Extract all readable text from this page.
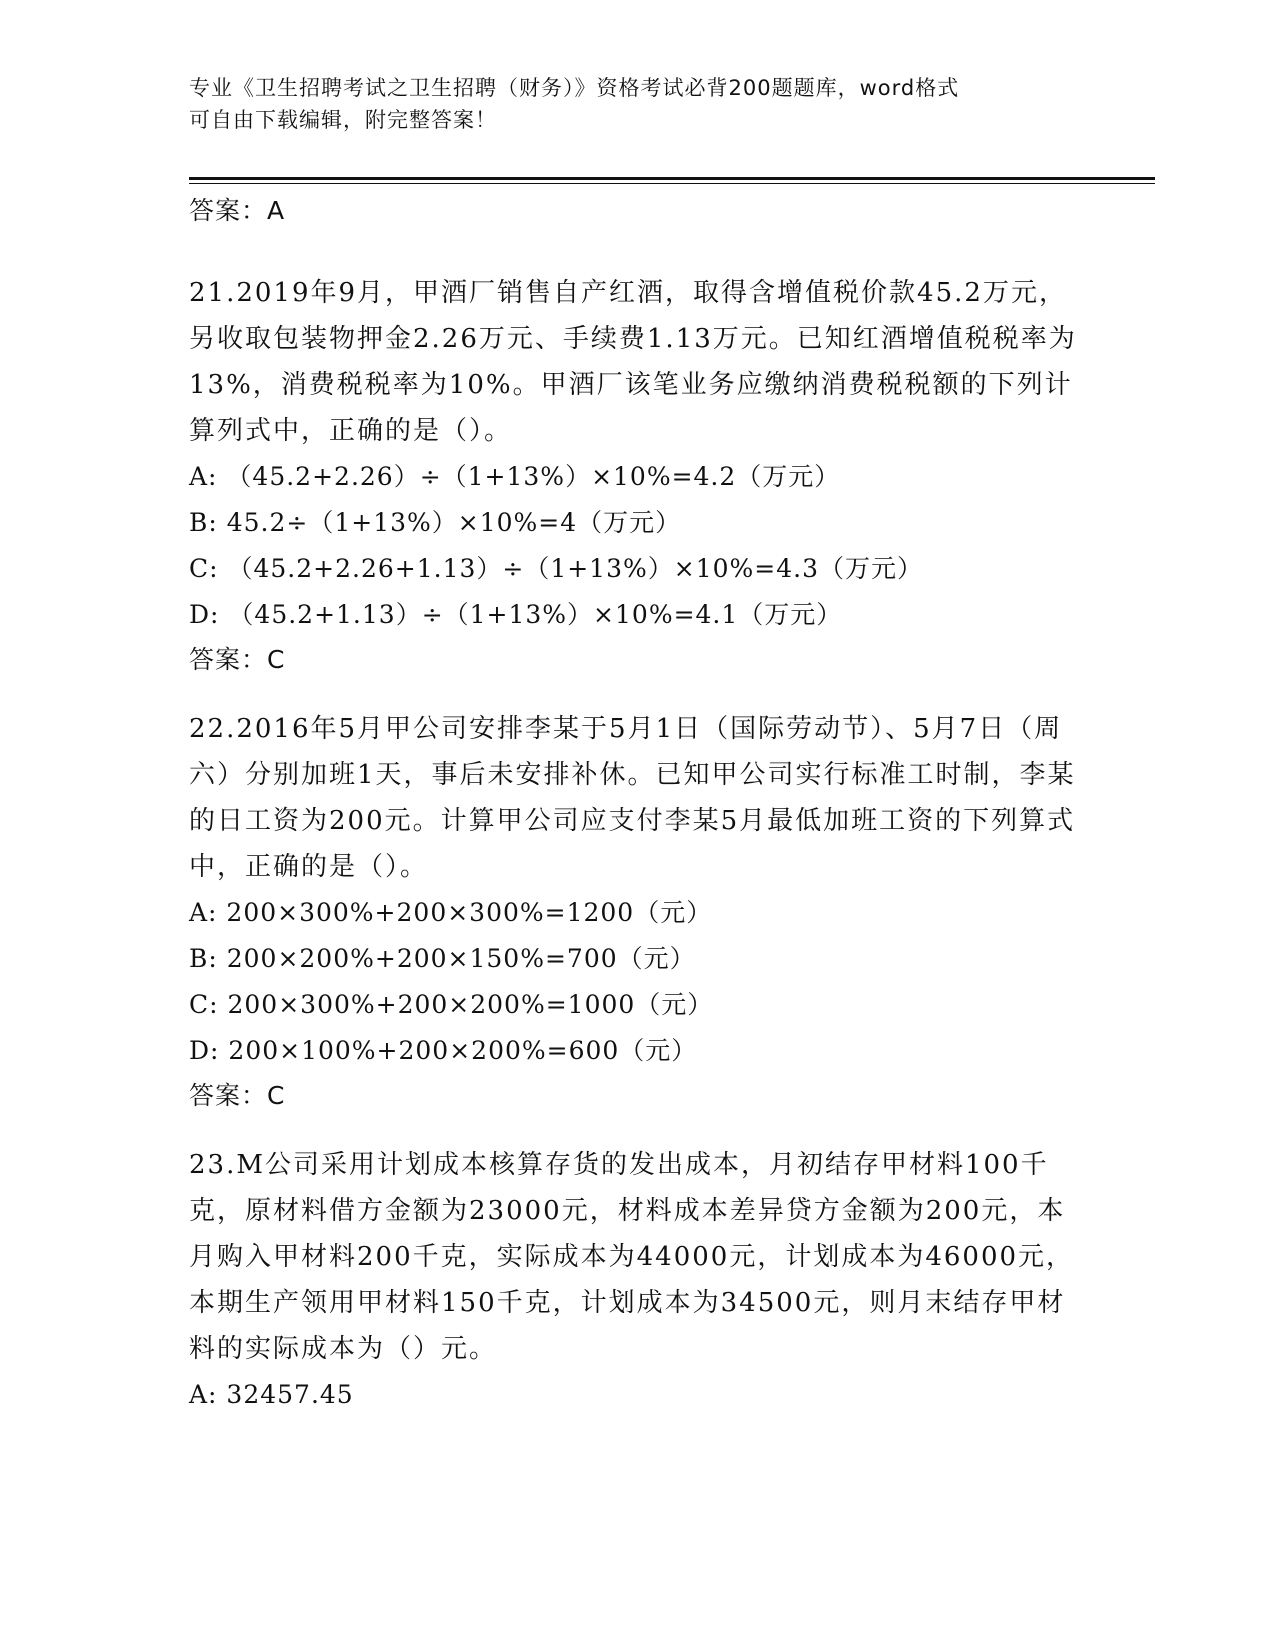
专业《卫生招聘考试之卫生招聘（财务）》资格考试必背200题题库，word格式
可自由下载编辑，附完整答案！

答案：A

21.2019年9月，甲酒厂销售自产红酒，取得含增值税价款45.2万元，另收取包装物押金2.26万元、手续费1.13万元。已知红酒增值税税率为13%，消费税税率为10%。甲酒厂该笔业务应缴纳消费税税额的下列计算列式中，正确的是（）。

A: （45.2+2.26）÷（1+13%）×10%=4.2（万元）

B: 45.2÷（1+13%）×10%=4（万元）

C: （45.2+2.26+1.13）÷（1+13%）×10%=4.3（万元）

D: （45.2+1.13）÷（1+13%）×10%=4.1（万元）

答案：C

22.2016年5月甲公司安排李某于5月1日（国际劳动节）、5月7日（周六）分别加班1天，事后未安排补休。已知甲公司实行标准工时制，李某的日工资为200元。计算甲公司应支付李某5月最低加班工资的下列算式中，正确的是（）。

A: 200×300%+200×300%=1200（元）

B: 200×200%+200×150%=700（元）

C: 200×300%+200×200%=1000（元）

D: 200×100%+200×200%=600（元）

答案：C

23.M公司采用计划成本核算存货的发出成本，月初结存甲材料100千克，原材料借方金额为23000元，材料成本差异贷方金额为200元，本月购入甲材料200千克，实际成本为44000元，计划成本为46000元，本期生产领用甲材料150千克，计划成本为34500元，则月末结存甲材料的实际成本为（）元。

A: 32457.45
